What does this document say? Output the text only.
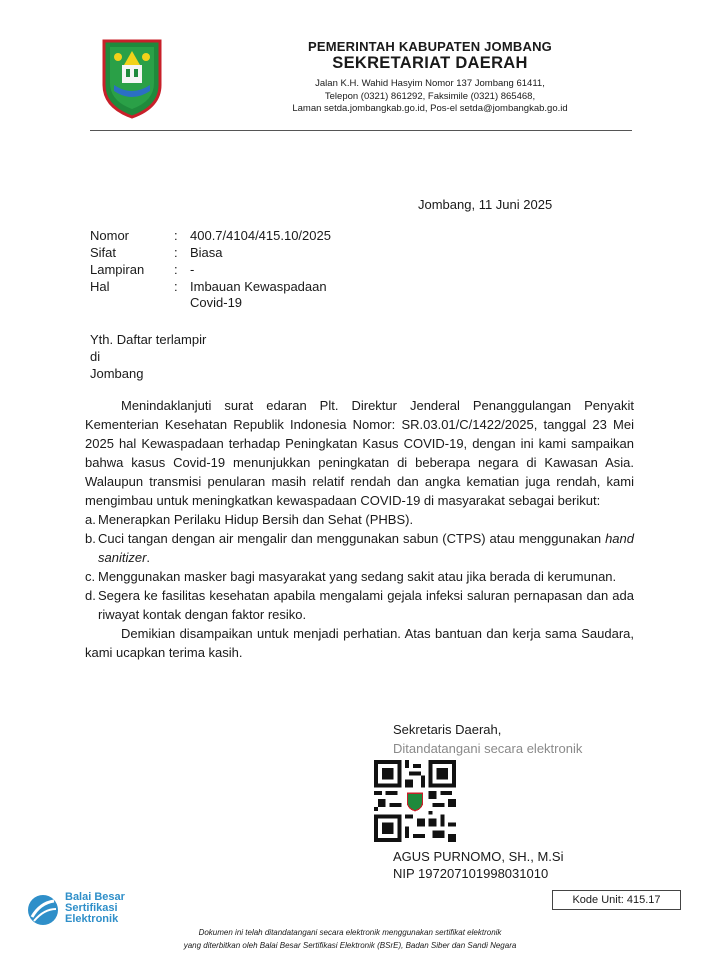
PEMERINTAH KABUPATEN JOMBANG
SEKRETARIAT DAERAH
Jalan K.H. Wahid Hasyim Nomor 137 Jombang 61411,
Telepon (0321) 861292, Faksimile (0321) 865468,
Laman setda.jombangkab.go.id, Pos-el setda@jombangkab.go.id
Jombang, 11 Juni 2025
Nomor	: 400.7/4104/415.10/2025
Sifat	: Biasa
Lampiran : -
Hal	: Imbauan Kewaspadaan
Covid-19
Yth. Daftar terlampir
di
Jombang

Menindaklanjuti surat edaran Plt. Direktur Jenderal Penanggulangan Penyakit Kementerian Kesehatan Republik Indonesia Nomor: SR.03.01/C/1422/2025, tanggal 23 Mei 2025 hal Kewaspadaan terhadap Peningkatan Kasus COVID-19, dengan ini kami sampaikan bahwa kasus Covid-19 menunjukkan peningkatan di beberapa negara di Kawasan Asia. Walaupun transmisi penularan masih relatif rendah dan angka kematian juga rendah, kami mengimbau untuk meningkatkan kewaspadaan COVID-19 di masyarakat sebagai berikut:

a. Menerapkan Perilaku Hidup Bersih dan Sehat (PHBS).
b. Cuci tangan dengan air mengalir dan menggunakan sabun (CTPS) atau menggunakan hand sanitizer.
c. Menggunakan masker bagi masyarakat yang sedang sakit atau jika berada di kerumunan.
d. Segera ke fasilitas kesehatan apabila mengalami gejala infeksi saluran pernapasan dan ada riwayat kontak dengan faktor resiko.

Demikian disampaikan untuk menjadi perhatian. Atas bantuan dan kerja sama Saudara, kami ucapkan terima kasih.

Sekretaris Daerah,
Ditandatangani secara elektronik
AGUS PURNOMO, SH., M.Si
NIP 197207101998031010
Kode Unit: 415.17
Balai Besar
Sertifikasi
Elektronik
Dokumen ini telah ditandatangani secara elektronik menggunakan sertifikat elektronik
yang diterbitkan oleh Balai Besar Sertifikasi Elektronik (BSrE), Badan Siber dan Sandi Negara
